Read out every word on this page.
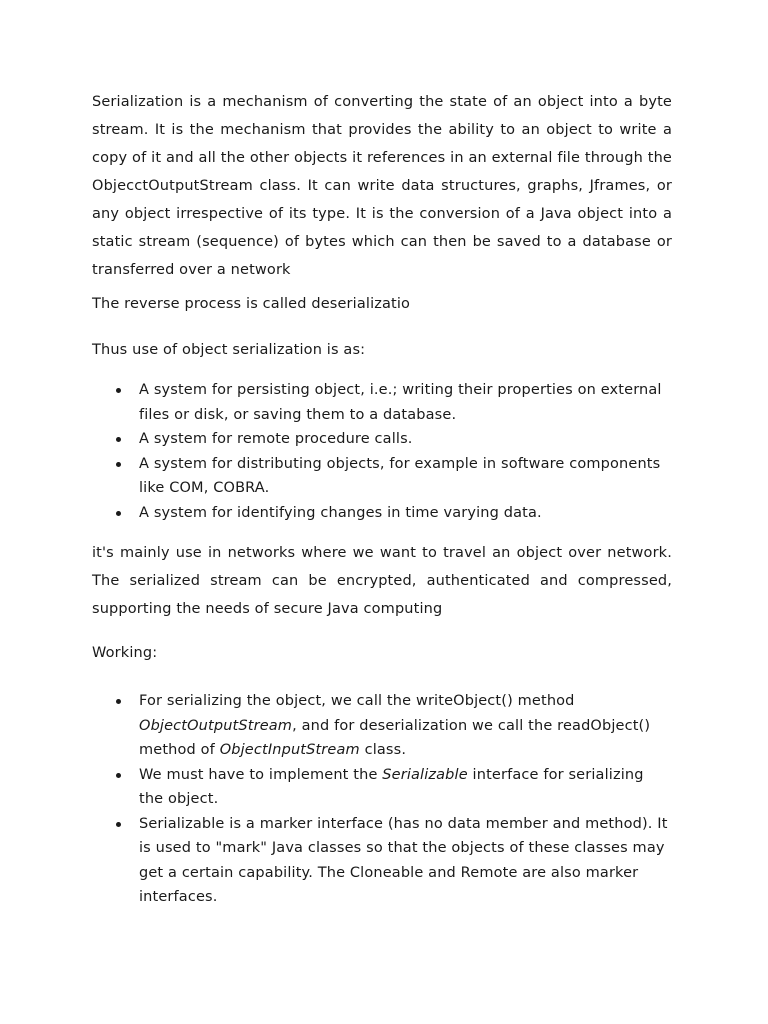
Serialization is a mechanism of converting the state of an object into a byte stream. It is the mechanism that provides the ability to an object to write a copy of it and all the other objects it references in an external file through the ObjecctOutputStream class. It can write data structures, graphs, Jframes, or any object irrespective of its type. It is the conversion of a Java object into a static stream (sequence) of bytes which can then be saved to a database or transferred over a network

The reverse process is called deserializatio

Thus use of object serialization is as:

A system for persisting object, i.e.; writing their properties on external files or disk, or saving them to a database.
A system for remote procedure calls.
A system for distributing objects, for example in software components like COM, COBRA.
A system for identifying changes in time varying data.

it's mainly use in networks where we want to travel an object over network. The serialized stream can be encrypted, authenticated and compressed, supporting the needs of secure Java computing

Working:

For serializing the object, we call the writeObject() method ObjectOutputStream, and for deserialization we call the readObject() method of ObjectInputStream class.
We must have to implement the Serializable interface for serializing the object.
Serializable is a marker interface (has no data member and method). It is used to "mark" Java classes so that the objects of these classes may get a certain capability. The Cloneable and Remote are also marker interfaces.
